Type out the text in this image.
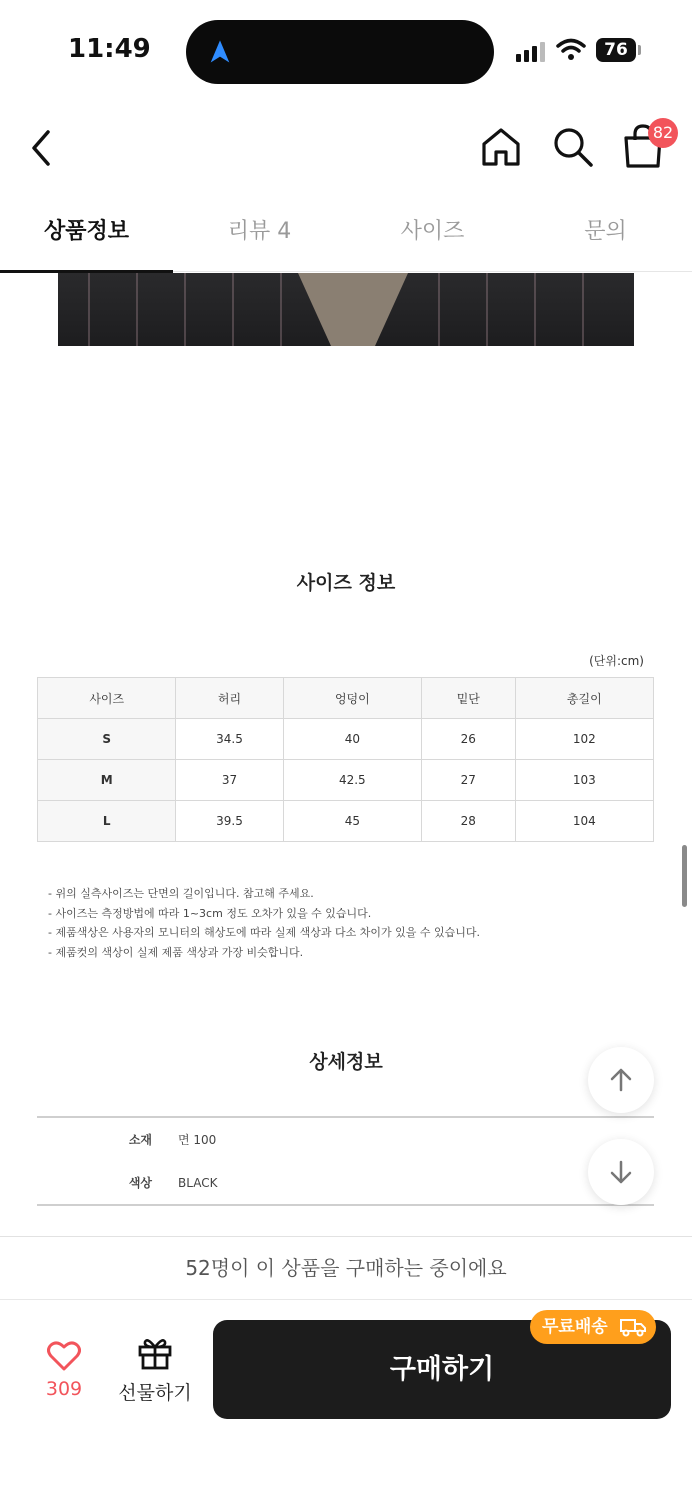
11:49	76
82
상품정보	리뷰 4	사이즈	문의
사이즈 정보
(단위:cm)
사이즈	허리	엉덩이	밑단	총길이
S	34.5	40	26	102
M	37	42.5	27	103
L	39.5	45	28	104
- 위의 실측사이즈는 단면의 길이입니다. 참고해 주세요.
- 사이즈는 측정방법에 따라 1~3cm 정도 오차가 있을 수 있습니다.
- 제품색상은 사용자의 모니터의 해상도에 따라 실제 색상과 다소 차이가 있을 수 있습니다.
- 제품컷의 색상이 실제 제품 색상과 가장 비슷합니다.
상세정보
소재 면 100
색상 BLACK
52명이 이 상품을 구매하는 중이에요
309	선물하기
구매하기
무료배송
